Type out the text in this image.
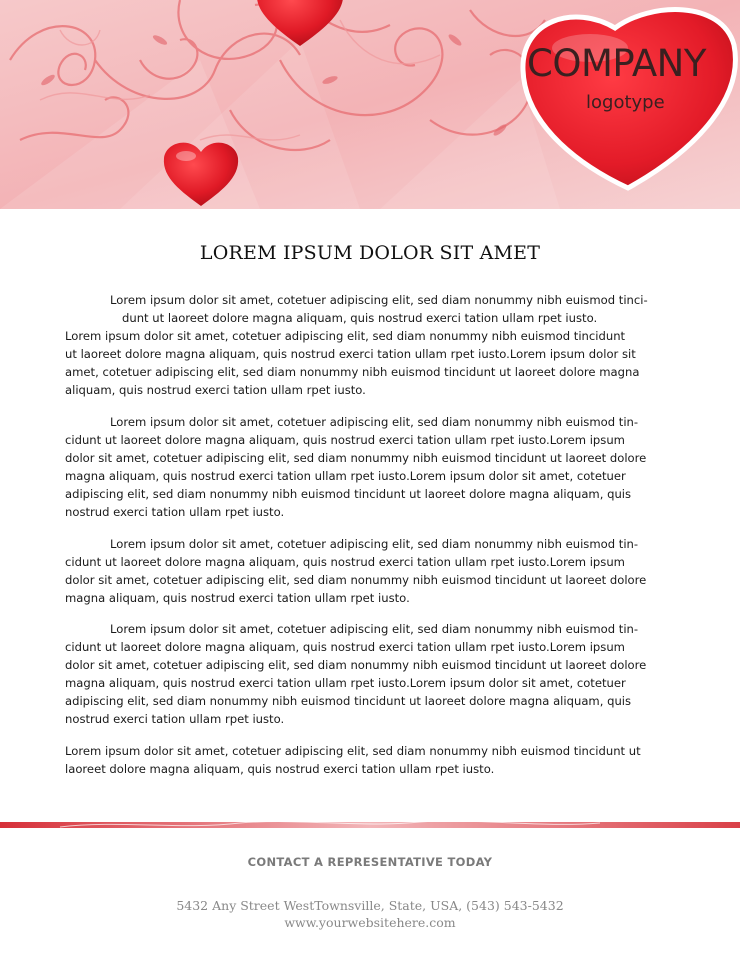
COMPANY
logotype
LOREM IPSUM DOLOR SIT AMET
Lorem ipsum dolor sit amet, cotetuer adipiscing elit, sed diam nonummy nibh euismod tinci-
dunt ut laoreet dolore magna aliquam, quis nostrud exerci tation ullam rpet iusto.
Lorem ipsum dolor sit amet, cotetuer adipiscing elit, sed diam nonummy nibh euismod tincidunt
ut laoreet dolore magna aliquam, quis nostrud exerci tation ullam rpet iusto.Lorem ipsum dolor sit
amet, cotetuer adipiscing elit, sed diam nonummy nibh euismod tincidunt ut laoreet dolore magna
aliquam, quis nostrud exerci tation ullam rpet iusto.
Lorem ipsum dolor sit amet, cotetuer adipiscing elit, sed diam nonummy nibh euismod tin-
cidunt ut laoreet dolore magna aliquam, quis nostrud exerci tation ullam rpet iusto.Lorem ipsum
dolor sit amet, cotetuer adipiscing elit, sed diam nonummy nibh euismod tincidunt ut laoreet dolore
magna aliquam, quis nostrud exerci tation ullam rpet iusto.Lorem ipsum dolor sit amet, cotetuer
adipiscing elit, sed diam nonummy nibh euismod tincidunt ut laoreet dolore magna aliquam, quis
nostrud exerci tation ullam rpet iusto.
Lorem ipsum dolor sit amet, cotetuer adipiscing elit, sed diam nonummy nibh euismod tin-
cidunt ut laoreet dolore magna aliquam, quis nostrud exerci tation ullam rpet iusto.Lorem ipsum
dolor sit amet, cotetuer adipiscing elit, sed diam nonummy nibh euismod tincidunt ut laoreet dolore
magna aliquam, quis nostrud exerci tation ullam rpet iusto.
Lorem ipsum dolor sit amet, cotetuer adipiscing elit, sed diam nonummy nibh euismod tin-
cidunt ut laoreet dolore magna aliquam, quis nostrud exerci tation ullam rpet iusto.Lorem ipsum
dolor sit amet, cotetuer adipiscing elit, sed diam nonummy nibh euismod tincidunt ut laoreet dolore
magna aliquam, quis nostrud exerci tation ullam rpet iusto.Lorem ipsum dolor sit amet, cotetuer
adipiscing elit, sed diam nonummy nibh euismod tincidunt ut laoreet dolore magna aliquam, quis
nostrud exerci tation ullam rpet iusto.
Lorem ipsum dolor sit amet, cotetuer adipiscing elit, sed diam nonummy nibh euismod tincidunt ut
laoreet dolore magna aliquam, quis nostrud exerci tation ullam rpet iusto.
CONTACT A REPRESENTATIVE TODAY
5432 Any Street WestTownsville, State, USA, (543) 543-5432
www.yourwebsitehere.com
